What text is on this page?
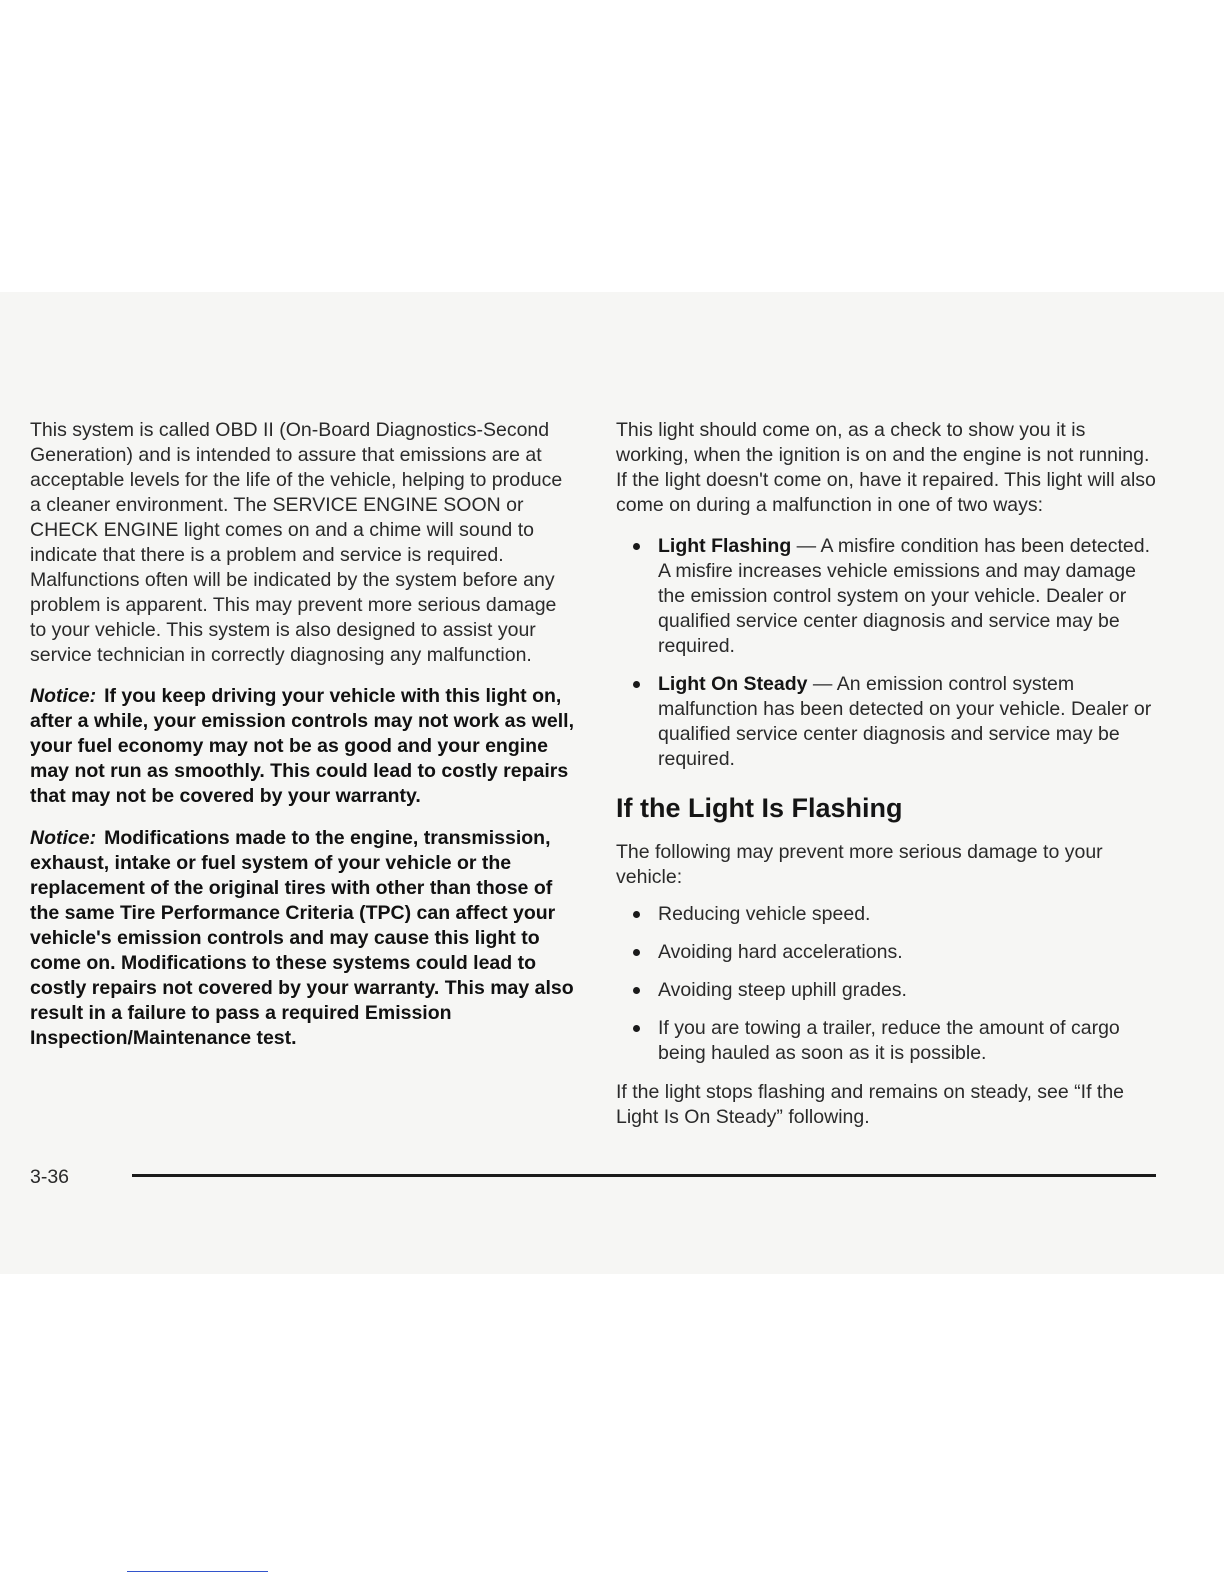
This system is called OBD II (On-Board Diagnostics-Second Generation) and is intended to assure that emissions are at acceptable levels for the life of the vehicle, helping to produce a cleaner environment. The SERVICE ENGINE SOON or CHECK ENGINE light comes on and a chime will sound to indicate that there is a problem and service is required. Malfunctions often will be indicated by the system before any problem is apparent. This may prevent more serious damage to your vehicle. This system is also designed to assist your service technician in correctly diagnosing any malfunction.

Notice: If you keep driving your vehicle with this light on, after a while, your emission controls may not work as well, your fuel economy may not be as good and your engine may not run as smoothly. This could lead to costly repairs that may not be covered by your warranty.

Notice: Modifications made to the engine, transmission, exhaust, intake or fuel system of your vehicle or the replacement of the original tires with other than those of the same Tire Performance Criteria (TPC) can affect your vehicle's emission controls and may cause this light to come on. Modifications to these systems could lead to costly repairs not covered by your warranty. This may also result in a failure to pass a required Emission Inspection/Maintenance test.

This light should come on, as a check to show you it is working, when the ignition is on and the engine is not running. If the light doesn't come on, have it repaired. This light will also come on during a malfunction in one of two ways:

Light Flashing — A misfire condition has been detected. A misfire increases vehicle emissions and may damage the emission control system on your vehicle. Dealer or qualified service center diagnosis and service may be required.
Light On Steady — An emission control system malfunction has been detected on your vehicle. Dealer or qualified service center diagnosis and service may be required.
If the Light Is Flashing

The following may prevent more serious damage to your vehicle:

Reducing vehicle speed.
Avoiding hard accelerations.
Avoiding steep uphill grades.
If you are towing a trailer, reduce the amount of cargo being hauled as soon as it is possible.

If the light stops flashing and remains on steady, see “If the Light Is On Steady” following.

3-36
